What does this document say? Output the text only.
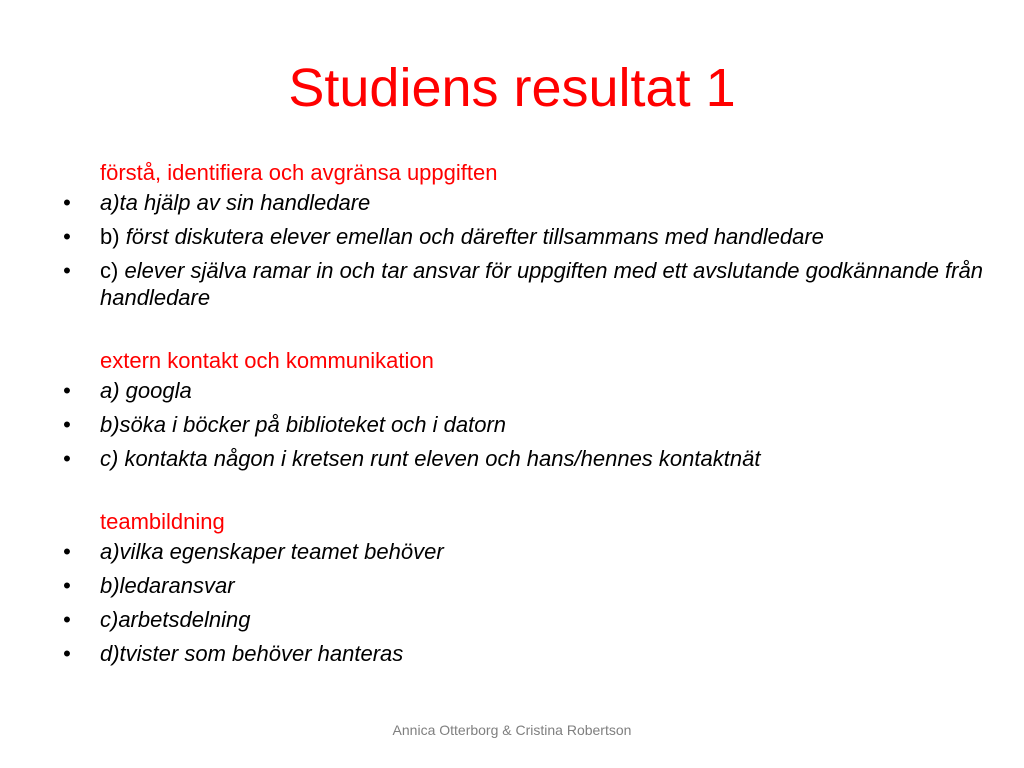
Studiens resultat 1

förstå, identifiera och avgränsa uppgiften

• a)ta hjälp av sin handledare
• b) först diskutera elever emellan och därefter tillsammans med handledare
• c) elever själva ramar in och tar ansvar för uppgiften med ett avslutande godkännande från handledare

extern kontakt och kommunikation

• a) googla
• b)söka i böcker på biblioteket och i datorn
• c) kontakta någon i kretsen runt eleven och hans/hennes kontaktnät

teambildning

• a)vilka egenskaper teamet behöver
• b)ledaransvar
• c)arbetsdelning
• d)tvister som behöver hanteras
Annica Otterborg & Cristina Robertson
